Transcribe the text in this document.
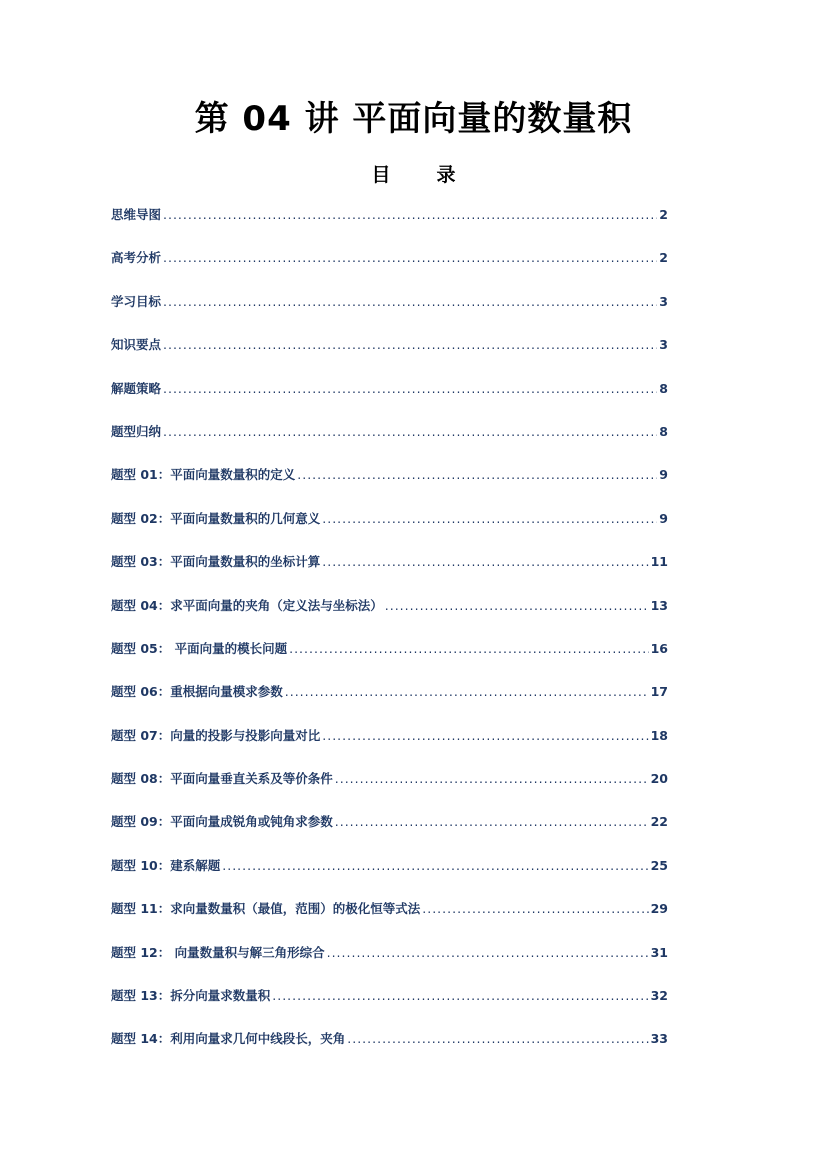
第 04 讲 平面向量的数量积
目 录
思维导图 .....	2
高考分析 .....	2
学习目标 .....	3
知识要点 .....	3
解题策略 .....	8
题型归纳 .....	8
题型 01：平面向量数量积的定义 .....	9
题型 02：平面向量数量积的几何意义 .....	9
题型 03：平面向量数量积的坐标计算 .....	11
题型 04：求平面向量的夹角（定义法与坐标法） .....	13
题型 05： 平面向量的模长问题 .....	16
题型 06：重根据向量模求参数 .....	17
题型 07：向量的投影与投影向量对比 .....	18
题型 08：平面向量垂直关系及等价条件 .....	20
题型 09：平面向量成锐角或钝角求参数 .....	22
题型 10：建系解题 .....	25
题型 11：求向量数量积（最值，范围）的极化恒等式法 .....	29
题型 12： 向量数量积与解三角形综合 .....	31
题型 13：拆分向量求数量积 .....	32
题型 14：利用向量求几何中线段长，夹角 .....	33
